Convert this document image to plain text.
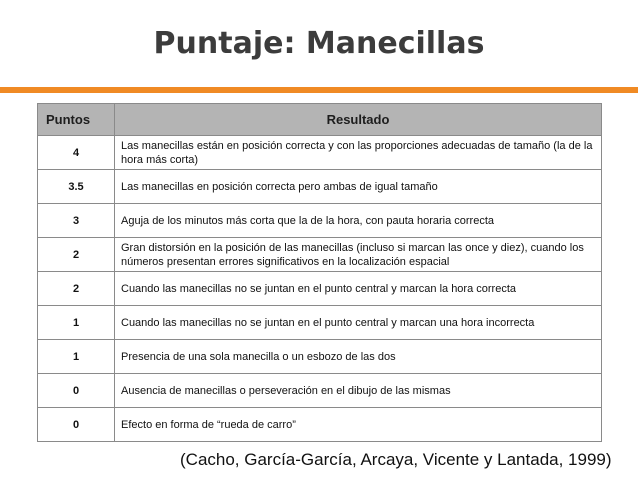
Puntaje: Manecillas
Puntos	Resultado
4	Las manecillas están en posición correcta y con las proporciones adecuadas de tamaño (la de la hora más corta)
3.5	Las manecillas en posición correcta pero ambas de igual tamaño
3	Aguja de los minutos más corta que la de la hora, con pauta horaria correcta
2	Gran distorsión en la posición de las manecillas (incluso si marcan las once y diez), cuando los números presentan errores significativos en la localización espacial
2	Cuando las manecillas no se juntan en el punto central y marcan la hora correcta
1	Cuando las manecillas no se juntan en el punto central y marcan una hora incorrecta
1	Presencia de una sola manecilla o un esbozo de las dos
0	Ausencia de manecillas o perseveración en el dibujo de las mismas
0	Efecto en forma de “rueda de carro”
(Cacho, García-García, Arcaya, Vicente y Lantada, 1999)
